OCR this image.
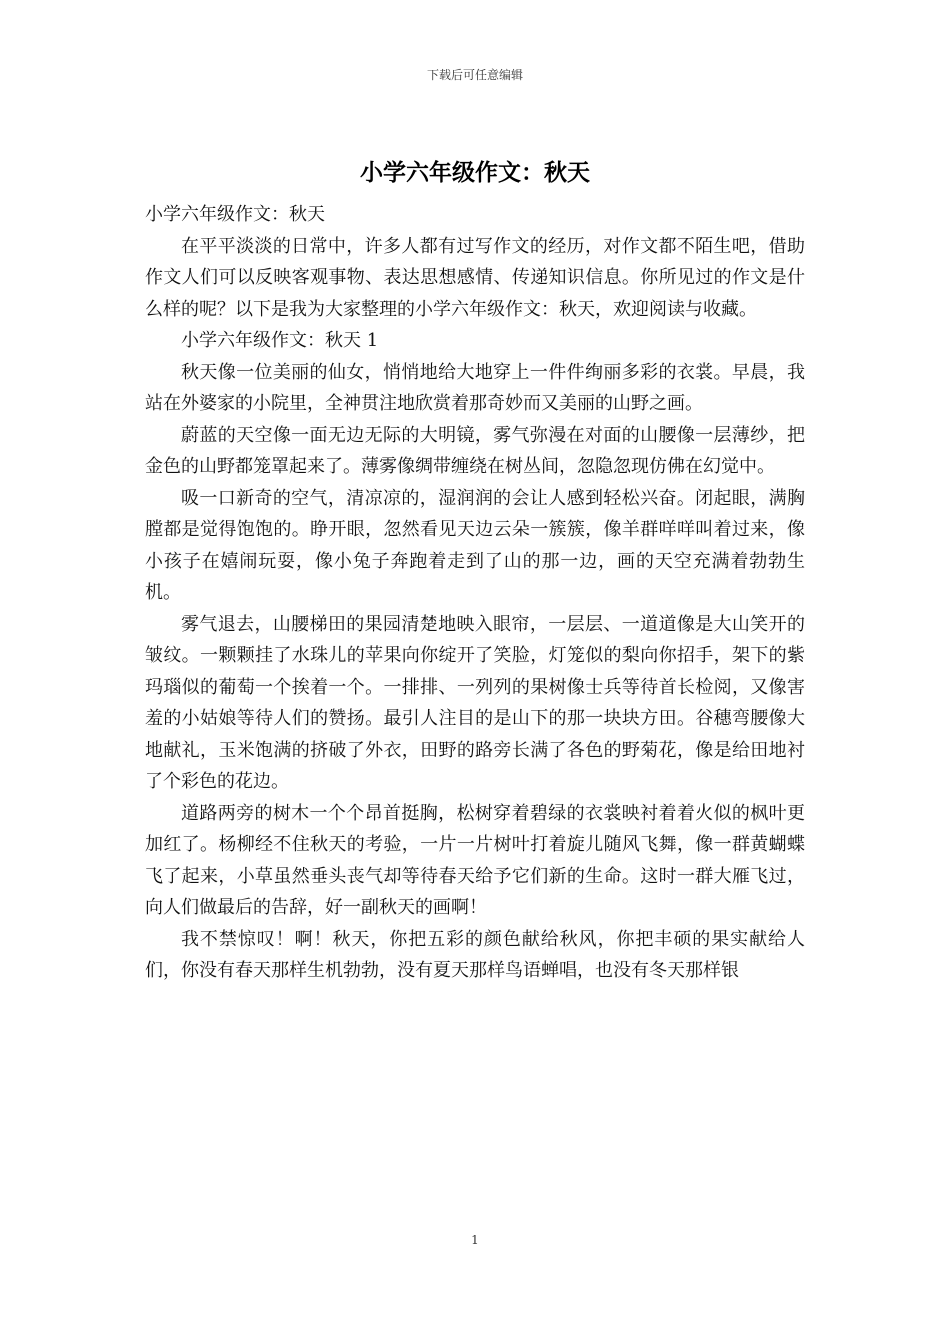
下载后可任意编辑
小学六年级作文：秋天

小学六年级作文：秋天

在平平淡淡的日常中，许多人都有过写作文的经历，对作文都不陌生吧，借助作文人们可以反映客观事物、表达思想感情、传递知识信息。你所见过的作文是什么样的呢？以下是我为大家整理的小学六年级作文：秋天，欢迎阅读与收藏。

小学六年级作文：秋天 1

秋天像一位美丽的仙女，悄悄地给大地穿上一件件绚丽多彩的衣裳。早晨，我站在外婆家的小院里，全神贯注地欣赏着那奇妙而又美丽的山野之画。

蔚蓝的天空像一面无边无际的大明镜，雾气弥漫在对面的山腰像一层薄纱，把金色的山野都笼罩起来了。薄雾像绸带缠绕在树丛间，忽隐忽现仿佛在幻觉中。

吸一口新奇的空气，清凉凉的，湿润润的会让人感到轻松兴奋。闭起眼，满胸膛都是觉得饱饱的。睁开眼，忽然看见天边云朵一簇簇，像羊群咩咩叫着过来，像小孩子在嬉闹玩耍，像小兔子奔跑着走到了山的那一边，画的天空充满着勃勃生机。

雾气退去，山腰梯田的果园清楚地映入眼帘，一层层、一道道像是大山笑开的皱纹。一颗颗挂了水珠儿的苹果向你绽开了笑脸，灯笼似的梨向你招手，架下的紫玛瑙似的葡萄一个挨着一个。一排排、一列列的果树像士兵等待首长检阅，又像害羞的小姑娘等待人们的赞扬。最引人注目的是山下的那一块块方田。谷穗弯腰像大地献礼，玉米饱满的挤破了外衣，田野的路旁长满了各色的野菊花，像是给田地衬了个彩色的花边。

道路两旁的树木一个个昂首挺胸，松树穿着碧绿的衣裳映衬着着火似的枫叶更加红了。杨柳经不住秋天的考验，一片一片树叶打着旋儿随风飞舞，像一群黄蝴蝶飞了起来，小草虽然垂头丧气却等待春天给予它们新的生命。这时一群大雁飞过，向人们做最后的告辞，好一副秋天的画啊！

我不禁惊叹！啊！秋天，你把五彩的颜色献给秋风，你把丰硕的果实献给人们，你没有春天那样生机勃勃，没有夏天那样鸟语蝉唱，也没有冬天那样银

1
